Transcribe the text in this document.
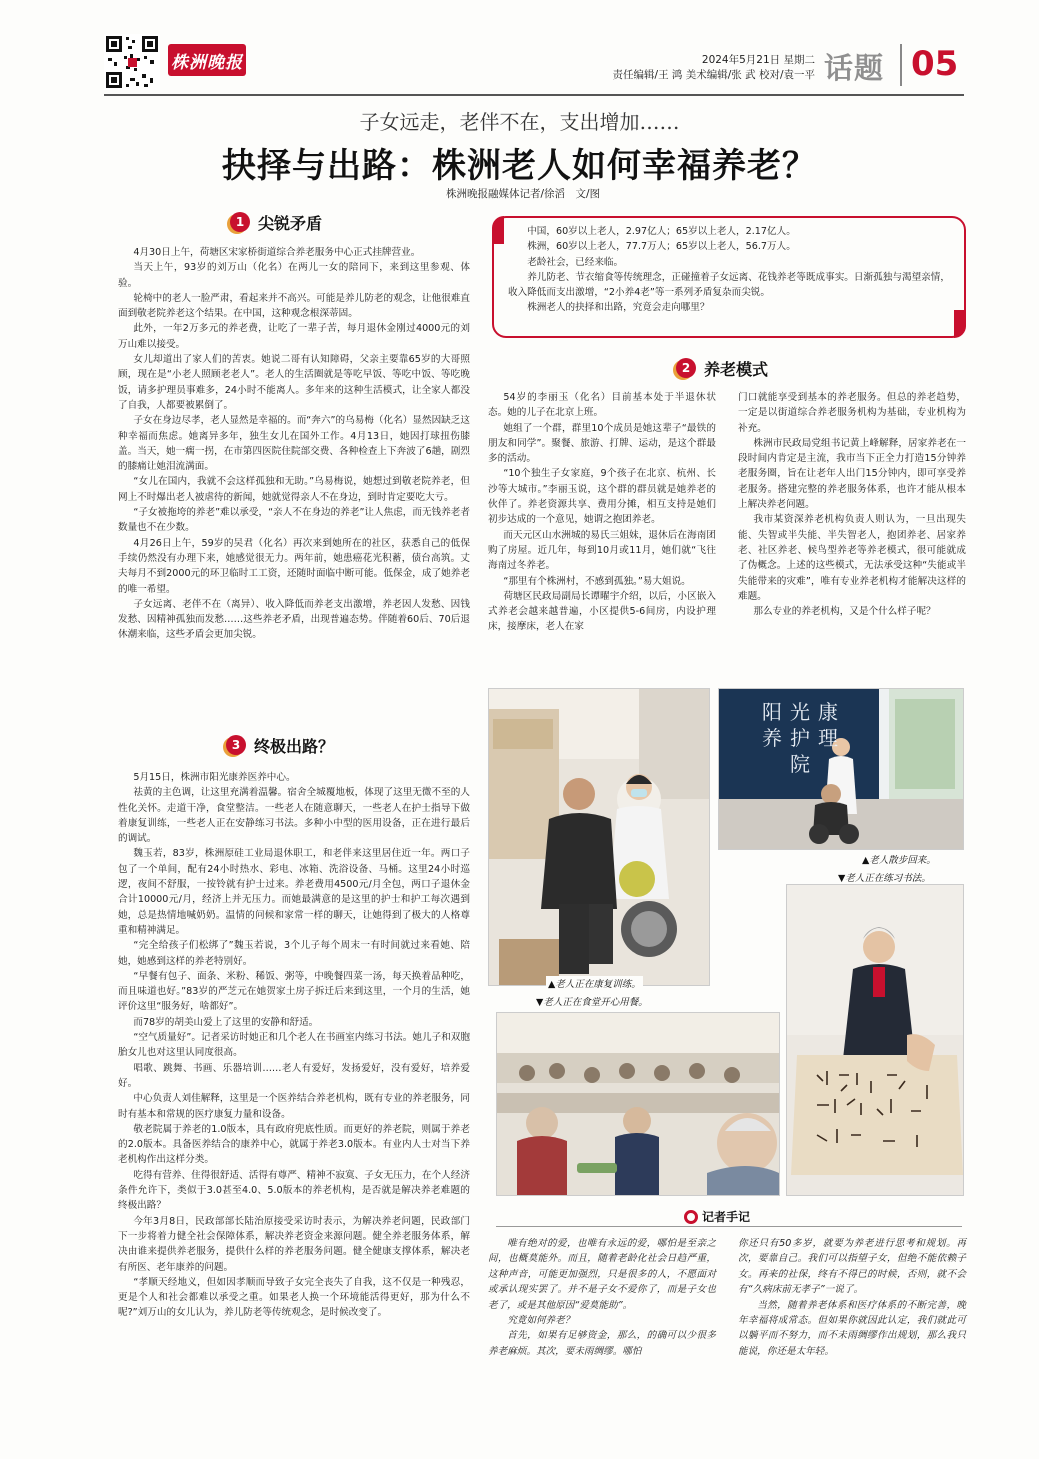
株洲晚报	2024年5月21日 星期二
责任编辑/王 鸿 美术编辑/张 武 校对/袁一平 话题 05
子女远走，老伴不在，支出增加……
抉择与出路：株洲老人如何幸福养老？
株洲晚报融媒体记者/徐滔　文/图
1 尖锐矛盾

4月30日上午，荷塘区宋家桥街道综合养老服务中心正式挂牌营业。

当天上午，93岁的刘万山（化名）在两儿一女的陪同下，来到这里参观、体验。

轮椅中的老人一脸严肃，看起来并不高兴。可能是养儿防老的观念，让他很难直面到敬老院养老这个结果。在中国，这种观念根深蒂固。

此外，一年2万多元的养老费，让吃了一辈子苦，每月退休金刚过4000元的刘万山难以接受。

女儿却道出了家人们的苦衷。她说二哥有认知障碍，父亲主要靠65岁的大哥照顾，现在是“小老人照顾老老人”。老人的生活圈就是等吃早饭、等吃中饭、等吃晚饭，请多护理员事难多，24小时不能离人。多年来的这种生活模式，让全家人都没了自我，人都要被累倒了。

子女在身边尽孝，老人显然是幸福的。而“奔六”的乌易梅（化名）显然因缺乏这种幸福而焦虑。她离异多年，独生女儿在国外工作。4月13日，她因打球扭伤膝盖。当天，她一瘸一拐，在市第四医院住院部交费、各种检查上下奔波了6趟，剧烈的膝痛让她泪流满面。

“女儿在国内，我就不会这样孤独和无助。”乌易梅说，她想过到敬老院养老，但网上不时爆出老人被虐待的新闻，她就觉得亲人不在身边，到时肯定要吃大亏。

“子女被拖垮的养老”难以承受，“亲人不在身边的养老”让人焦虑，而无钱养老者数量也不在少数。

4月26日上午，59岁的吴君（化名）再次来到她所在的社区，获悉自己的低保手续仍然没有办理下来，她感觉很无力。两年前，她患癌花光积蓄，债台高筑。丈夫每月不到2000元的环卫临时工工资，还随时面临中断可能。低保金，成了她养老的唯一希望。

子女远离、老伴不在（离异）、收入降低而养老支出激增，养老因人发愁、因钱发愁、因精神孤独而发愁……这些养老矛盾，出现普遍态势。伴随着60后、70后退休潮来临，这些矛盾会更加尖锐。

中国，60岁以上老人，2.97亿人；65岁以上老人，2.17亿人。

株洲，60岁以上老人，77.7万人；65岁以上老人，56.7万人。

老龄社会，已经来临。

养儿防老、节衣缩食等传统理念，正碰撞着子女远离、花钱养老等既成事实。日渐孤独与渴望亲情，收入降低而支出激增，“2小养4老”等一系列矛盾复杂而尖锐。

株洲老人的抉择和出路，究竟会走向哪里？

2 养老模式

54岁的李丽玉（化名）目前基本处于半退休状态。她的儿子在北京上班。

她组了一个群，群里10个成员是她这辈子“最铁的朋友和同学”。聚餐、旅游、打牌、运动，是这个群最多的活动。

“10个独生子女家庭，9个孩子在北京、杭州、长沙等大城市。”李丽玉说，这个群的群员就是她养老的伙伴了。养老资源共享、费用分摊，相互支持是她们初步达成的一个意见，她谓之抱团养老。

而天元区山水洲城的易氏三姐妹，退休后在海南团购了房屋。近几年，每到10月或11月，她们就“飞往海南过冬养老。

“那里有个株洲村，不感到孤独。”易大姐说。

荷塘区民政局副局长谭曜宇介绍，以后，小区嵌入式养老会越来越普遍，小区提供5-6间房，内设护理床，接摩床，老人在家

门口就能享受到基本的养老服务。但总的养老趋势，一定是以街道综合养老服务机构为基础，专业机构为补充。

株洲市民政局党组书记黄上峰解释，居家养老在一段时间内肯定是主流，我市当下正全力打造15分钟养老服务圈，旨在让老年人出门15分钟内，即可享受养老服务。搭建完整的养老服务体系，也许才能从根本上解决养老问题。

我市某资深养老机构负责人则认为，一旦出现失能、失智或半失能、半失智老人，抱团养老、居家养老、社区养老、候鸟型养老等养老模式，很可能就成了伪概念。上述的这些模式，无法承受这种“失能或半失能带来的灾难”，唯有专业养老机构才能解决这样的难题。

那么专业的养老机构，又是个什么样子呢？

3 终极出路？

5月15日，株洲市阳光康养医养中心。

祛黄的主色调，让这里充满着温馨。宿舍全城覆地板，体现了这里无微不至的人性化关怀。走道干净，食堂整洁。一些老人在随意聊天，一些老人在护士指导下做着康复训练，一些老人正在安静练习书法。多种小中型的医用设备，正在进行最后的调试。

魏玉若，83岁，株洲原硅工业局退休职工，和老伴来这里居住近一年。两口子包了一个单间，配有24小时热水、彩电、冰箱、洗浴设备、马桶。这里24小时巡逻，夜间不舒服，一按铃就有护士过来。养老费用4500元/月全包，两口子退休金合计10000元/月，经济上并无压力。而她最满意的是这里的护士和护工每次遇到她，总是热情地喊奶奶。温情的问候和家常一样的聊天，让她得到了极大的人格尊重和精神满足。

“完全给孩子们松绑了”魏玉若说，3个儿子每个周末一有时间就过来看她、陪她，她感到这样的养老特别好。

“早餐有包子、面条、米粉、稀饭、粥等，中晚餐四菜一汤，每天换着品种吃，而且味道也好。”83岁的严芝元在她贺家土房子拆迁后来到这里，一个月的生活，她评价这里“服务好，啥都好”。

而78岁的胡美山爱上了这里的安静和舒适。

“空气质量好”。记者采访时她正和几个老人在书画室内练习书法。她儿子和双胞胎女儿也对这里认同度很高。

唱歌、跳舞、书画、乐器培训……老人有爱好，发扬爱好，没有爱好，培养爱好。

中心负责人刘佳解释，这里是一个医养结合养老机构，既有专业的养老服务，同时有基本和常规的医疗康复力量和设备。

敬老院属于养老的1.0版本，具有政府兜底性质。而更好的养老院，则属于养老的2.0版本。具备医养结合的康养中心，就属于养老3.0版本。有业内人士对当下养老机构作出这样分类。

吃得有营养、住得很舒适、活得有尊严、精神不寂寞、子女无压力，在个人经济条件允许下，类似于3.0甚至4.0、5.0版本的养老机构，是否就是解决养老难题的终极出路？

今年3月8日，民政部部长陆治原接受采访时表示，为解决养老问题，民政部门下一步将着力健全社会保障体系，解决养老资金来源问题。健全养老服务体系，解决由谁来提供养老服务，提供什么样的养老服务问题。健全健康支撑体系，解决老有所医、老年康养的问题。

“孝顺天经地义，但如因孝顺而导致子女完全丧失了自我，这不仅是一种残忍，更是个人和社会都难以承受之重。如果老人换一个环境能活得更好，那为什么不呢?”刘万山的女儿认为，养儿防老等传统观念，是时候改变了。

阳光康养护理院
▲老人散步回来。
▼老人正在练习书法。
▲老人正在康复训练。
▼老人正在食堂开心用餐。
记者手记

唯有绝对的爱，也唯有永远的爱，哪怕是至亲之间，也概莫能外。而且，随着老龄化社会日趋严重，这种声音，可能更加强烈，只是很多的人，不愿面对或承认现实罢了。并不是子女不爱你了，而是子女也老了，或是其他原因“爱莫能助”。

究竟如何养老？

首先，如果有足够资金，那么，的确可以少很多养老麻烦。其次，要未雨绸缪。哪怕

你还只有50多岁，就要为养老进行思考和规划。再次，要靠自己。我们可以指望子女，但绝不能依赖子女。再来的社保，终有不得已的时候，否则，就不会有“久病床前无孝子”一说了。

当然，随着养老体系和医疗体系的不断完善，晚年幸福将成常态。但如果你就因此认定，我们就此可以躺平而不努力，而不未雨绸缪作出规划，那么我只能说，你还是太年轻。
